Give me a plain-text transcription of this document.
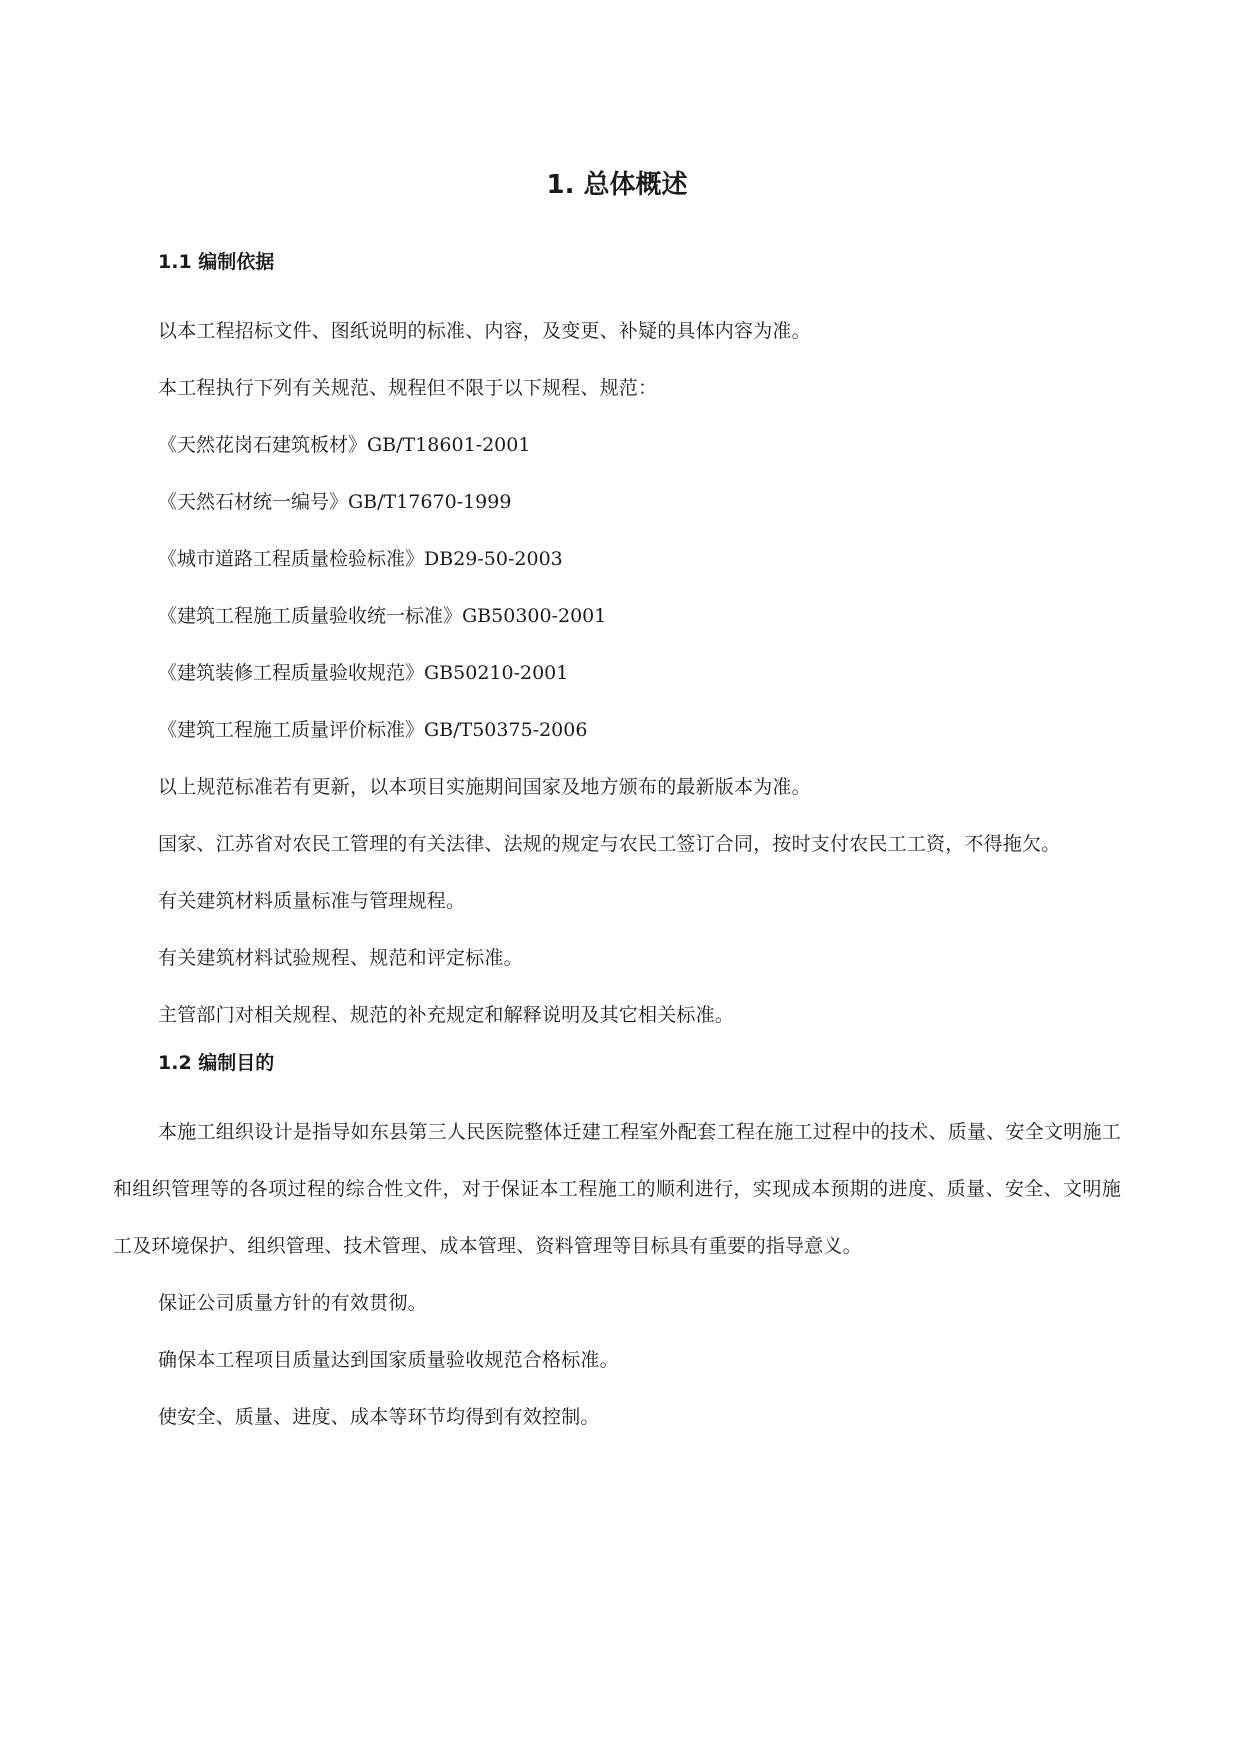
1. 总体概述
1.1 编制依据

以本工程招标文件、图纸说明的标准、内容，及变更、补疑的具体内容为准。

本工程执行下列有关规范、规程但不限于以下规程、规范：

《天然花岗石建筑板材》GB/T18601-2001

《天然石材统一编号》GB/T17670-1999

《城市道路工程质量检验标准》DB29-50-2003

《建筑工程施工质量验收统一标准》GB50300-2001

《建筑装修工程质量验收规范》GB50210-2001

《建筑工程施工质量评价标准》GB/T50375-2006

以上规范标准若有更新，以本项目实施期间国家及地方颁布的最新版本为准。

国家、江苏省对农民工管理的有关法律、法规的规定与农民工签订合同，按时支付农民工工资，不得拖欠。

有关建筑材料质量标准与管理规程。

有关建筑材料试验规程、规范和评定标准。

主管部门对相关规程、规范的补充规定和解释说明及其它相关标准。

1.2 编制目的

本施工组织设计是指导如东县第三人民医院整体迁建工程室外配套工程在施工过程中的技术、质量、安全文明施工和组织管理等的各项过程的综合性文件，对于保证本工程施工的顺利进行，实现成本预期的进度、质量、安全、文明施工及环境保护、组织管理、技术管理、成本管理、资料管理等目标具有重要的指导意义。

保证公司质量方针的有效贯彻。

确保本工程项目质量达到国家质量验收规范合格标准。

使安全、质量、进度、成本等环节均得到有效控制。
